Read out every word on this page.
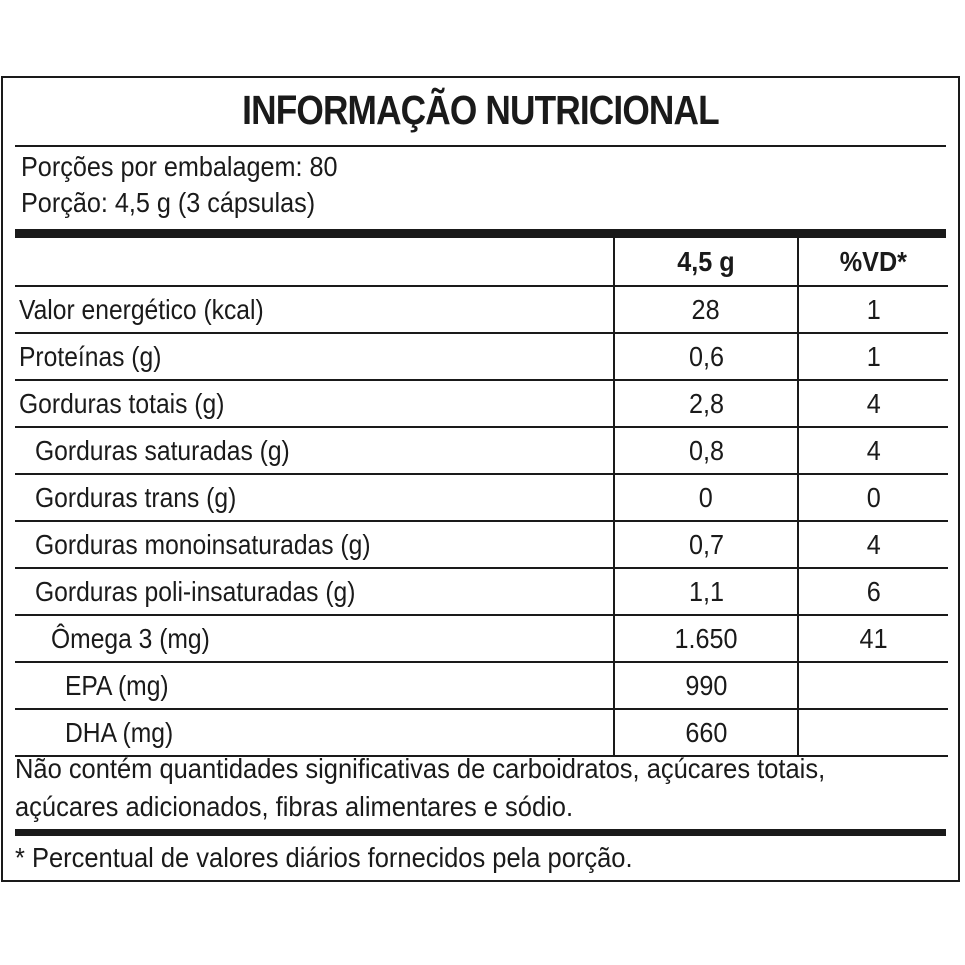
INFORMAÇÃO NUTRICIONAL
Porções por embalagem: 80
Porção: 4,5 g (3 cápsulas)
	4,5 g	%VD*
Valor energético (kcal)	28	1
Proteínas (g)	0,6	1
Gorduras totais (g)	2,8	4
Gorduras saturadas (g)	0,8	4
Gorduras trans (g)	0	0
Gorduras monoinsaturadas (g)	0,7	4
Gorduras poli-insaturadas (g)	1,1	6
Ômega 3 (mg)	1.650	41
EPA (mg)	990	
DHA (mg)	660	
Não contém quantidades significativas de carboidratos, açúcares totais,
açúcares adicionados, fibras alimentares e sódio.
* Percentual de valores diários fornecidos pela porção.
